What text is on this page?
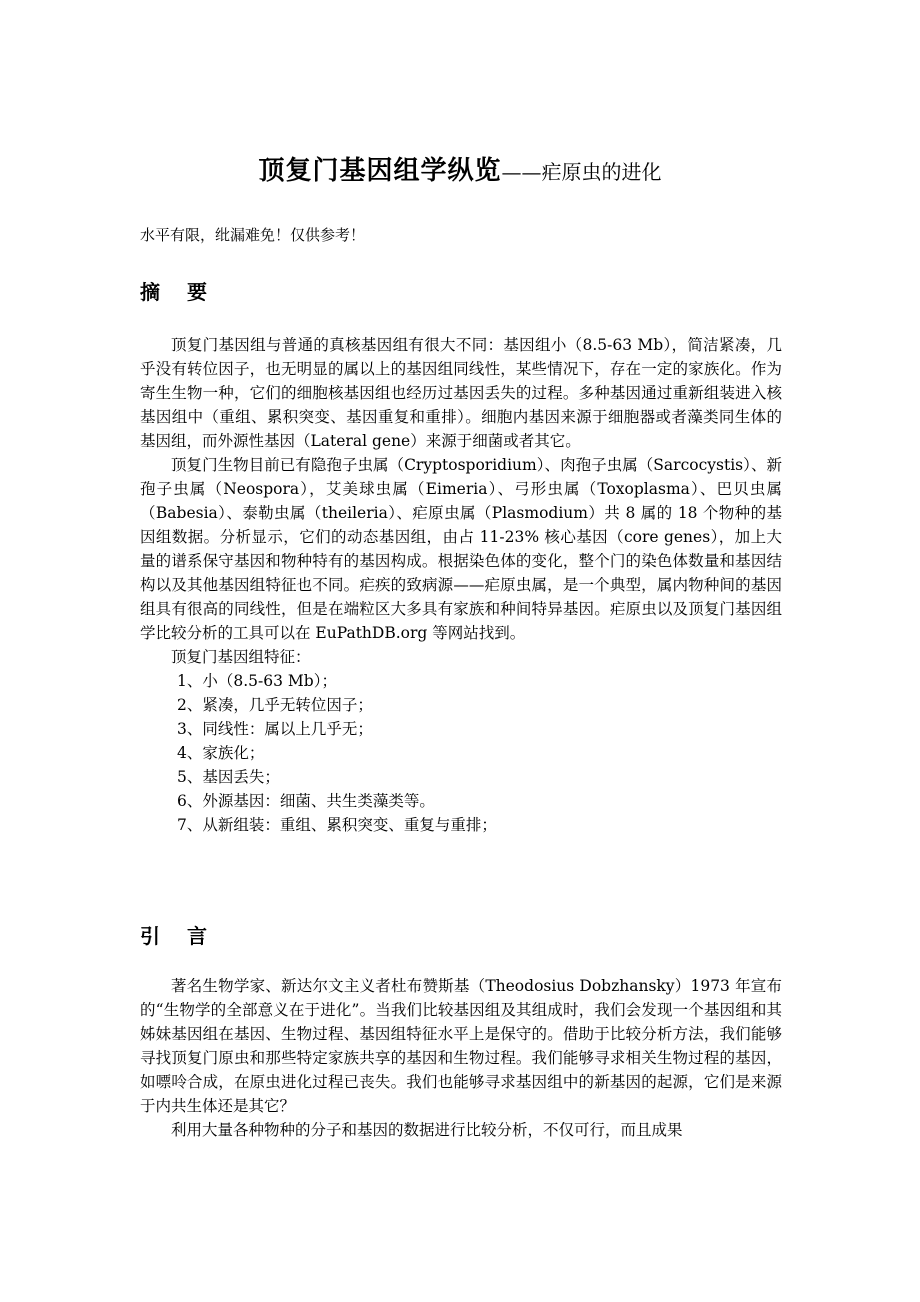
顶复门基因组学纵览——疟原虫的进化
水平有限，纰漏难免！仅供参考！
摘 要

顶复门基因组与普通的真核基因组有很大不同：基因组小（8.5-63 Mb），简洁紧凑，几乎没有转位因子，也无明显的属以上的基因组同线性，某些情况下，存在一定的家族化。作为寄生生物一种，它们的细胞核基因组也经历过基因丢失的过程。多种基因通过重新组装进入核基因组中（重组、累积突变、基因重复和重排）。细胞内基因来源于细胞器或者藻类同生体的基因组，而外源性基因（Lateral gene）来源于细菌或者其它。

顶复门生物目前已有隐孢子虫属（Cryptosporidium）、肉孢子虫属（Sarcocystis）、新孢子虫属（Neospora），艾美球虫属（Eimeria）、弓形虫属（Toxoplasma）、巴贝虫属（Babesia）、泰勒虫属（theileria）、疟原虫属（Plasmodium）共 8 属的 18 个物种的基因组数据。分析显示，它们的动态基因组，由占 11-23% 核心基因（core genes），加上大量的谱系保守基因和物种特有的基因构成。根据染色体的变化，整个门的染色体数量和基因结构以及其他基因组特征也不同。疟疾的致病源——疟原虫属，是一个典型，属内物种间的基因组具有很高的同线性，但是在端粒区大多具有家族和种间特异基因。疟原虫以及顶复门基因组学比较分析的工具可以在 EuPathDB.org 等网站找到。

顶复门基因组特征：

1、小（8.5-63 Mb）；
2、紧凑，几乎无转位因子；
3、同线性：属以上几乎无；
4、家族化；
5、基因丢失；
6、外源基因：细菌、共生类藻类等。
7、从新组装：重组、累积突变、重复与重排；
引 言

著名生物学家、新达尔文主义者杜布赞斯基（Theodosius Dobzhansky）1973 年宣布的“生物学的全部意义在于进化”。当我们比较基因组及其组成时，我们会发现一个基因组和其姊妹基因组在基因、生物过程、基因组特征水平上是保守的。借助于比较分析方法，我们能够寻找顶复门原虫和那些特定家族共享的基因和生物过程。我们能够寻求相关生物过程的基因，如嘌呤合成，在原虫进化过程已丧失。我们也能够寻求基因组中的新基因的起源，它们是来源于内共生体还是其它？

利用大量各种物种的分子和基因的数据进行比较分析，不仅可行，而且成果
